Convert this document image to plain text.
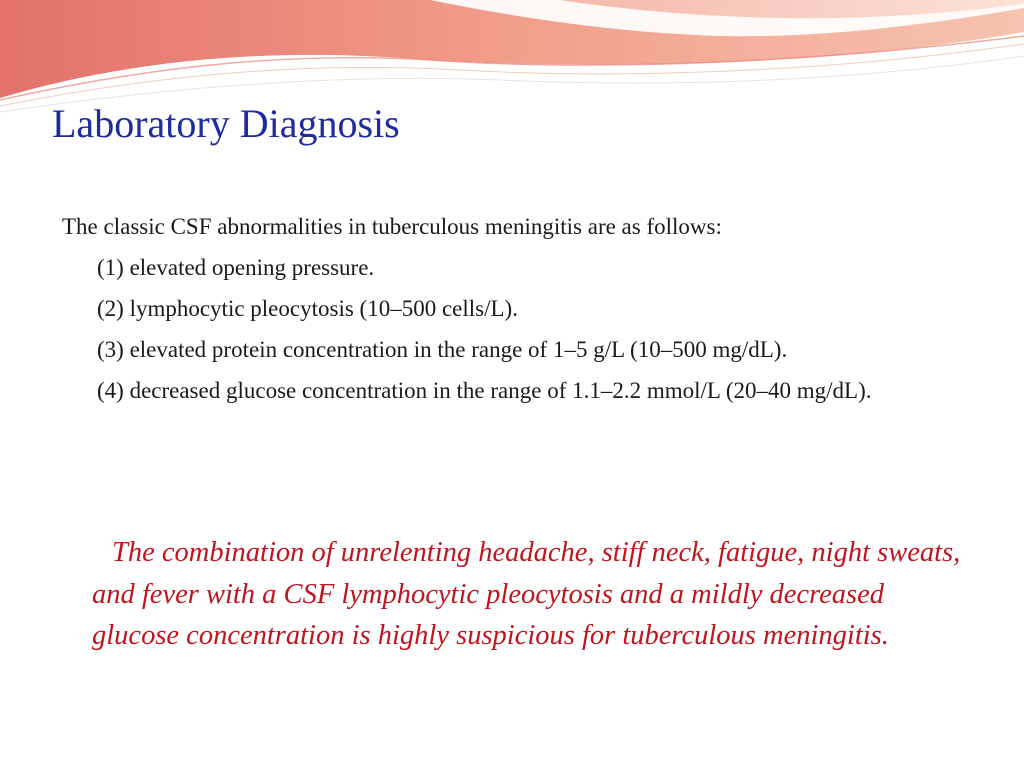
Laboratory Diagnosis

The classic CSF abnormalities in tuberculous meningitis are as follows:

(1) elevated opening pressure.
(2) lymphocytic pleocytosis (10–500 cells/L).
(3) elevated protein concentration in the range of 1–5 g/L (10–500 mg/dL).
(4) decreased glucose concentration in the range of 1.1–2.2 mmol/L (20–40 mg/dL).

The combination of unrelenting headache, stiff neck, fatigue, night sweats, and fever with a CSF lymphocytic pleocytosis and a mildly decreased glucose concentration is highly suspicious for tuberculous meningitis.
